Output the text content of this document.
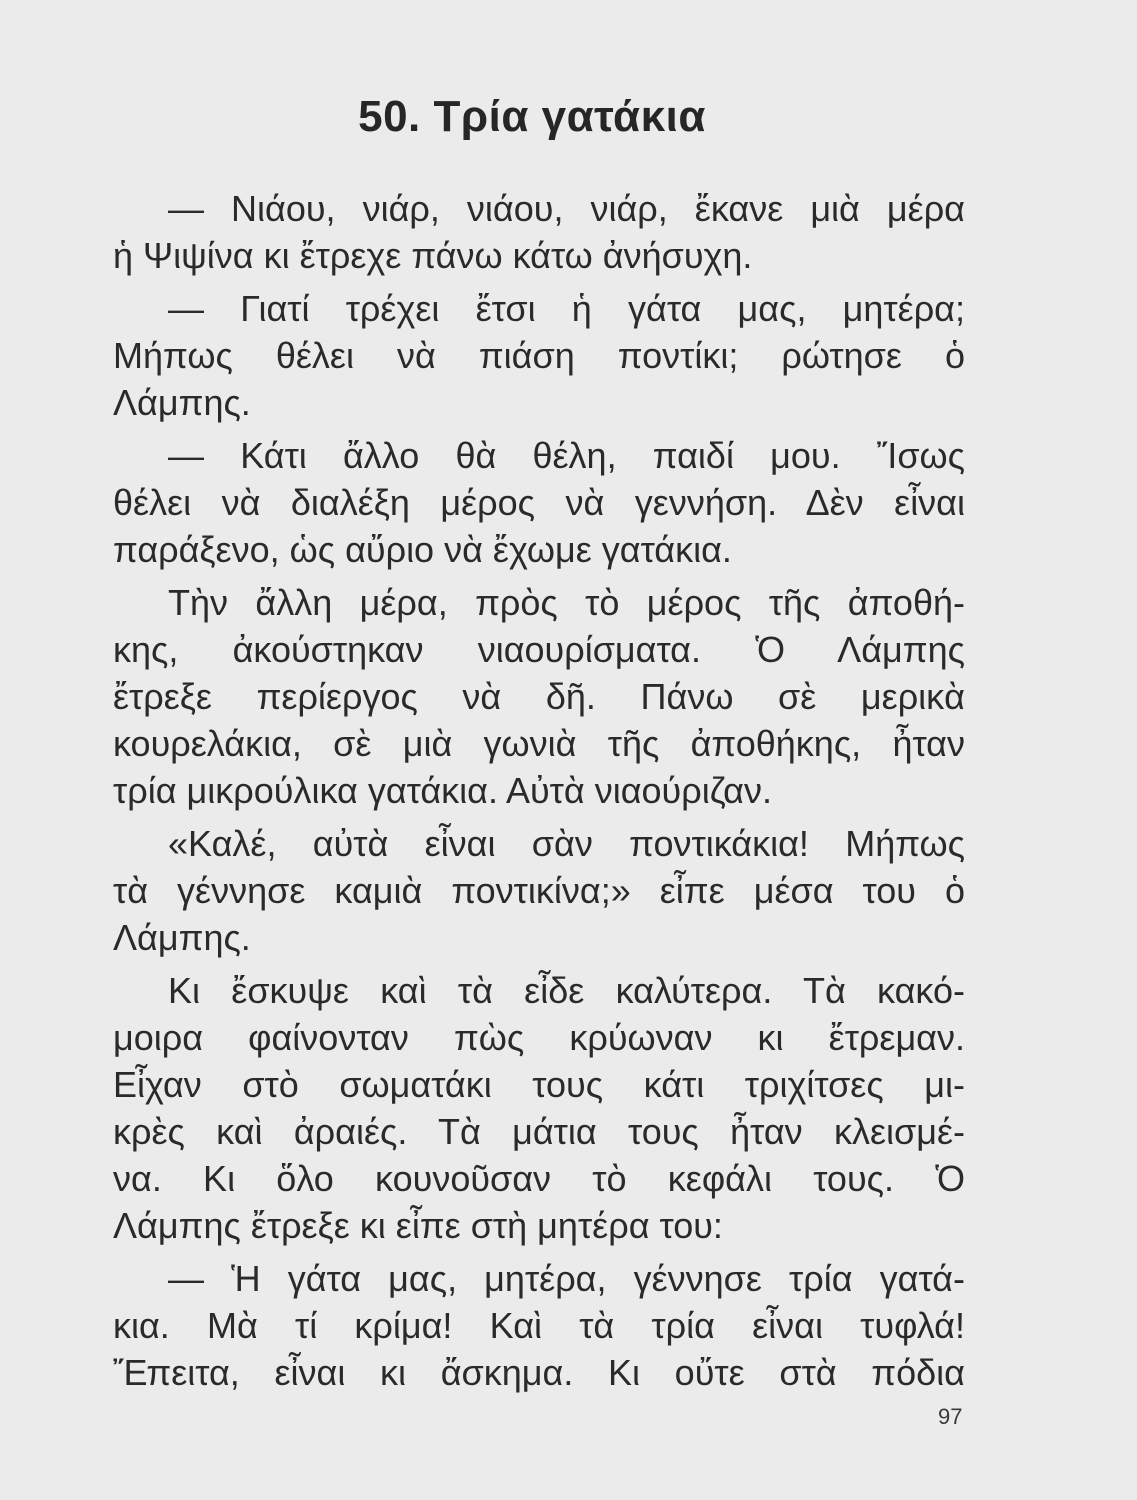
50. Τρία γατάκια
— Νιάου, νιάρ, νιάου, νιάρ, ἔκανε μιὰ μέρα
ἡ Ψιψίνα κι ἔτρεχε πάνω κάτω ἀνήσυχη.
— Γιατί τρέχει ἔτσι ἡ γάτα μας, μητέρα;
Μήπως θέλει νὰ πιάση ποντίκι; ρώτησε ὁ
Λάμπης.
— Κάτι ἄλλο θὰ θέλη, παιδί μου. Ἴσως
θέλει νὰ διαλέξη μέρος νὰ γεννήση. Δὲν εἶναι
παράξενο, ὡς αὔριο νὰ ἔχωμε γατάκια.
Τὴν ἄλλη μέρα, πρὸς τὸ μέρος τῆς ἀποθή-
κης, ἀκούστηκαν νιαουρίσματα. Ὁ Λάμπης
ἔτρεξε περίεργος νὰ δῆ. Πάνω σὲ μερικὰ
κουρελάκια, σὲ μιὰ γωνιὰ τῆς ἀποθήκης, ἦταν
τρία μικρούλικα γατάκια. Αὐτὰ νιαούριζαν.
«Καλέ, αὐτὰ εἶναι σὰν ποντικάκια! Μήπως
τὰ γέννησε καμιὰ ποντικίνα;» εἶπε μέσα του ὁ
Λάμπης.
Κι ἔσκυψε καὶ τὰ εἶδε καλύτερα. Τὰ κακό-
μοιρα φαίνονταν πὼς κρύωναν κι ἔτρεμαν.
Εἶχαν στὸ σωματάκι τους κάτι τριχίτσες μι-
κρὲς καὶ ἀραιές. Τὰ μάτια τους ἦταν κλεισμέ-
να. Κι ὅλο κουνοῦσαν τὸ κεφάλι τους. Ὁ
Λάμπης ἔτρεξε κι εἶπε στὴ μητέρα του:
— Ἡ γάτα μας, μητέρα, γέννησε τρία γατά-
κια. Μὰ τί κρίμα! Καὶ τὰ τρία εἶναι τυφλά!
Ἔπειτα, εἶναι κι ἄσκημα. Κι οὔτε στὰ πόδια
97
